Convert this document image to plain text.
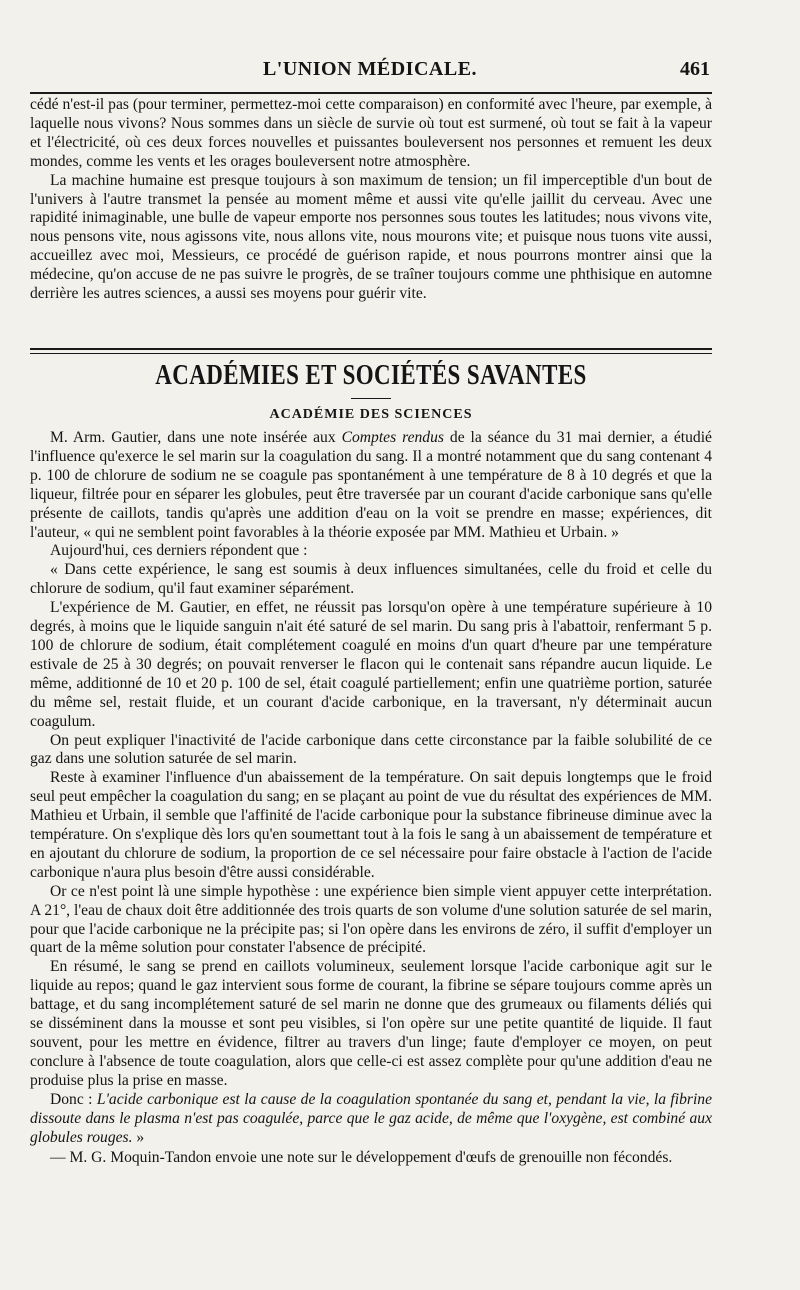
L'UNION MÉDICALE.	461

cédé n'est-il pas (pour terminer, permettez-moi cette comparaison) en conformité avec l'heure, par exemple, à laquelle nous vivons? Nous sommes dans un siècle de survie où tout est surmené, où tout se fait à la vapeur et l'électricité, où ces deux forces nouvelles et puissantes bouleversent nos personnes et remuent les deux mondes, comme les vents et les orages bouleversent notre atmosphère.

La machine humaine est presque toujours à son maximum de tension; un fil imperceptible d'un bout de l'univers à l'autre transmet la pensée au moment même et aussi vite qu'elle jaillit du cerveau. Avec une rapidité inimaginable, une bulle de vapeur emporte nos personnes sous toutes les latitudes; nous vivons vite, nous pensons vite, nous agissons vite, nous allons vite, nous mourons vite; et puisque nous tuons vite aussi, accueillez avec moi, Messieurs, ce procédé de guérison rapide, et nous pourrons montrer ainsi que la médecine, qu'on accuse de ne pas suivre le progrès, de se traîner toujours comme une phthisique en automne derrière les autres sciences, a aussi ses moyens pour guérir vite.

ACADÉMIES ET SOCIÉTÉS SAVANTES
ACADÉMIE DES SCIENCES

M. Arm. Gautier, dans une note insérée aux Comptes rendus de la séance du 31 mai dernier, a étudié l'influence qu'exerce le sel marin sur la coagulation du sang. Il a montré notamment que du sang contenant 4 p. 100 de chlorure de sodium ne se coagule pas spontanément à une température de 8 à 10 degrés et que la liqueur, filtrée pour en séparer les globules, peut être traversée par un courant d'acide carbonique sans qu'elle présente de caillots, tandis qu'après une addition d'eau on la voit se prendre en masse; expériences, dit l'auteur, « qui ne semblent point favorables à la théorie exposée par MM. Mathieu et Urbain. »

Aujourd'hui, ces derniers répondent que :

« Dans cette expérience, le sang est soumis à deux influences simultanées, celle du froid et celle du chlorure de sodium, qu'il faut examiner séparément.

L'expérience de M. Gautier, en effet, ne réussit pas lorsqu'on opère à une température supérieure à 10 degrés, à moins que le liquide sanguin n'ait été saturé de sel marin. Du sang pris à l'abattoir, renfermant 5 p. 100 de chlorure de sodium, était complétement coagulé en moins d'un quart d'heure par une température estivale de 25 à 30 degrés; on pouvait renverser le flacon qui le contenait sans répandre aucun liquide. Le même, additionné de 10 et 20 p. 100 de sel, était coagulé partiellement; enfin une quatrième portion, saturée du même sel, restait fluide, et un courant d'acide carbonique, en la traversant, n'y déterminait aucun coagulum.

On peut expliquer l'inactivité de l'acide carbonique dans cette circonstance par la faible solubilité de ce gaz dans une solution saturée de sel marin.

Reste à examiner l'influence d'un abaissement de la température. On sait depuis longtemps que le froid seul peut empêcher la coagulation du sang; en se plaçant au point de vue du résultat des expériences de MM. Mathieu et Urbain, il semble que l'affinité de l'acide carbonique pour la substance fibrineuse diminue avec la température. On s'explique dès lors qu'en soumettant tout à la fois le sang à un abaissement de température et en ajoutant du chlorure de sodium, la proportion de ce sel nécessaire pour faire obstacle à l'action de l'acide carbonique n'aura plus besoin d'être aussi considérable.

Or ce n'est point là une simple hypothèse : une expérience bien simple vient appuyer cette interprétation. A 21°, l'eau de chaux doit être additionnée des trois quarts de son volume d'une solution saturée de sel marin, pour que l'acide carbonique ne la précipite pas; si l'on opère dans les environs de zéro, il suffit d'employer un quart de la même solution pour constater l'absence de précipité.

En résumé, le sang se prend en caillots volumineux, seulement lorsque l'acide carbonique agit sur le liquide au repos; quand le gaz intervient sous forme de courant, la fibrine se sépare toujours comme après un battage, et du sang incomplétement saturé de sel marin ne donne que des grumeaux ou filaments déliés qui se disséminent dans la mousse et sont peu visibles, si l'on opère sur une petite quantité de liquide. Il faut souvent, pour les mettre en évidence, filtrer au travers d'un linge; faute d'employer ce moyen, on peut conclure à l'absence de toute coagulation, alors que celle-ci est assez complète pour qu'une addition d'eau ne produise plus la prise en masse.

Donc : L'acide carbonique est la cause de la coagulation spontanée du sang et, pendant la vie, la fibrine dissoute dans le plasma n'est pas coagulée, parce que le gaz acide, de même que l'oxygène, est combiné aux globules rouges. »

— M. G. Moquin-Tandon envoie une note sur le développement d'œufs de grenouille non fécondés.
